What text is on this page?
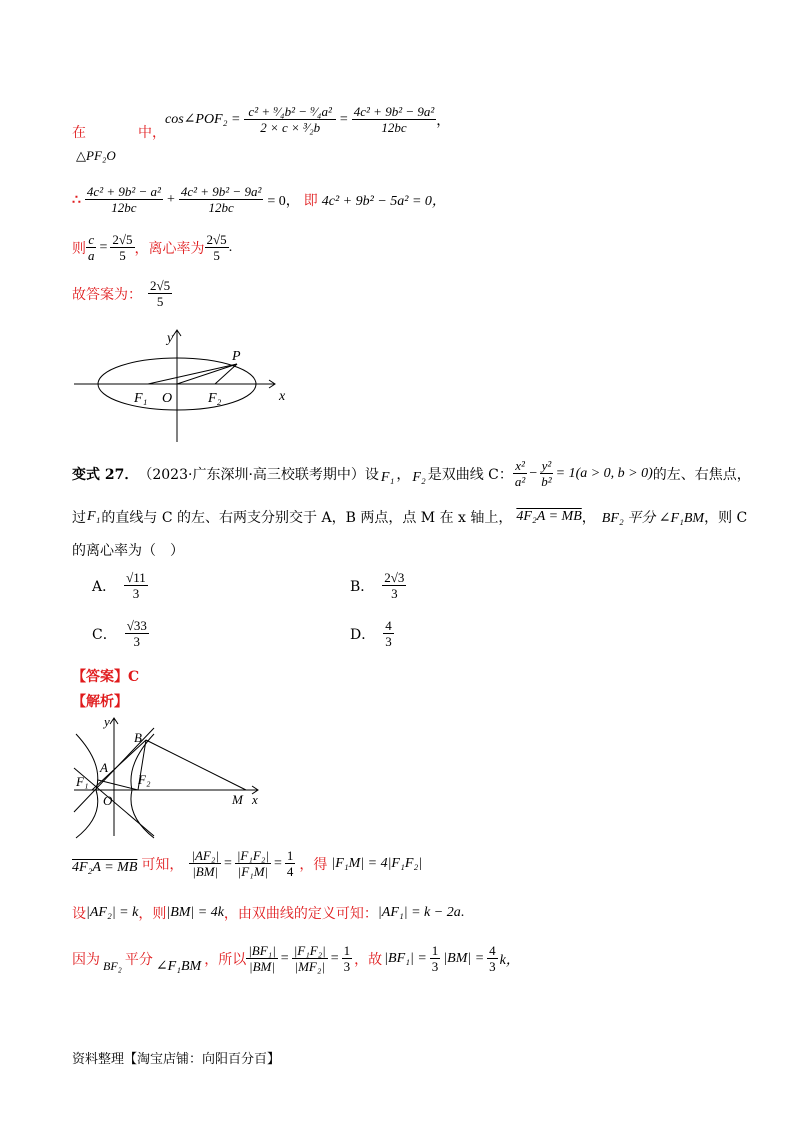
在	中，
△PF₂O
cos∠POF₂ = $\frac{\text{c² + ⁹⁄₄b² − ⁹⁄₄a²}}{\text{2 × c × ³⁄₂b}} = \frac{\text{4c² + 9b² − 9a²}}{12bc}$ ，
∴ $\frac{\text{4c² + 9b² − a²}}{12bc} + \frac{\text{4c² + 9b² − 9a²}}{12bc} = 0$， 即 4c² + 9b² − 5a² = 0，
则 $\frac{c}{a} = \frac{2√5}{5}$ ，离心率为 $\frac{2√5}{5}$ .
故答案为： $\frac{2√5}{5}$
y
x
P
F₁ O	F₂
变式 27． （2023·广东深圳·高三校联考期中）设 F₁ ， F₂ 是双曲线 C： $\frac{\text{x²}}{\text{a²}} - \frac{\text{y²}}{\text{b²}} = 1(a > 0$, b > 0) 的左、右焦点，
过 F₁ 的直线与 C 的左、右两支分别交于 A，B 两点，点 M 在 x 轴上， 4F₂A = MB ， BF₂ 平分 ∠F₁BM ，则 C
的离心率为（　）
A． $\frac{√11}{3}$	B． $\frac{2√3}{3}$
C． $\frac{√33}{3}$	D． $\frac{4}{3}$
【答案】C
【解析】
y
B
A
F₁	F₂
O	M x
4F₂A = MB 可知， $\frac{\text{|AF₂|}}{|BM|} = \frac{\text{|F₁F₂|}}{\text{|F₁M|}} = \frac{1}{4}$ ，得 |F₁M| = 4|F₁F₂|
设 |AF₂| = k ，则 |BM| = 4k ，由双曲线的定义可知： |AF₁| = k − 2a .
因为 BF₂ 平分 ∠F₁BM ，所以 $\frac{\text{|BF₁|}}{|BM|} = \frac{\text{|F₁F₂|}}{\text{|MF₂|}} = \frac{1}{3}$ ，故 $|BF_1| = \frac{1}{3} |BM| = \frac{4}{3}$ k，
资料整理【淘宝店铺：向阳百分百】
